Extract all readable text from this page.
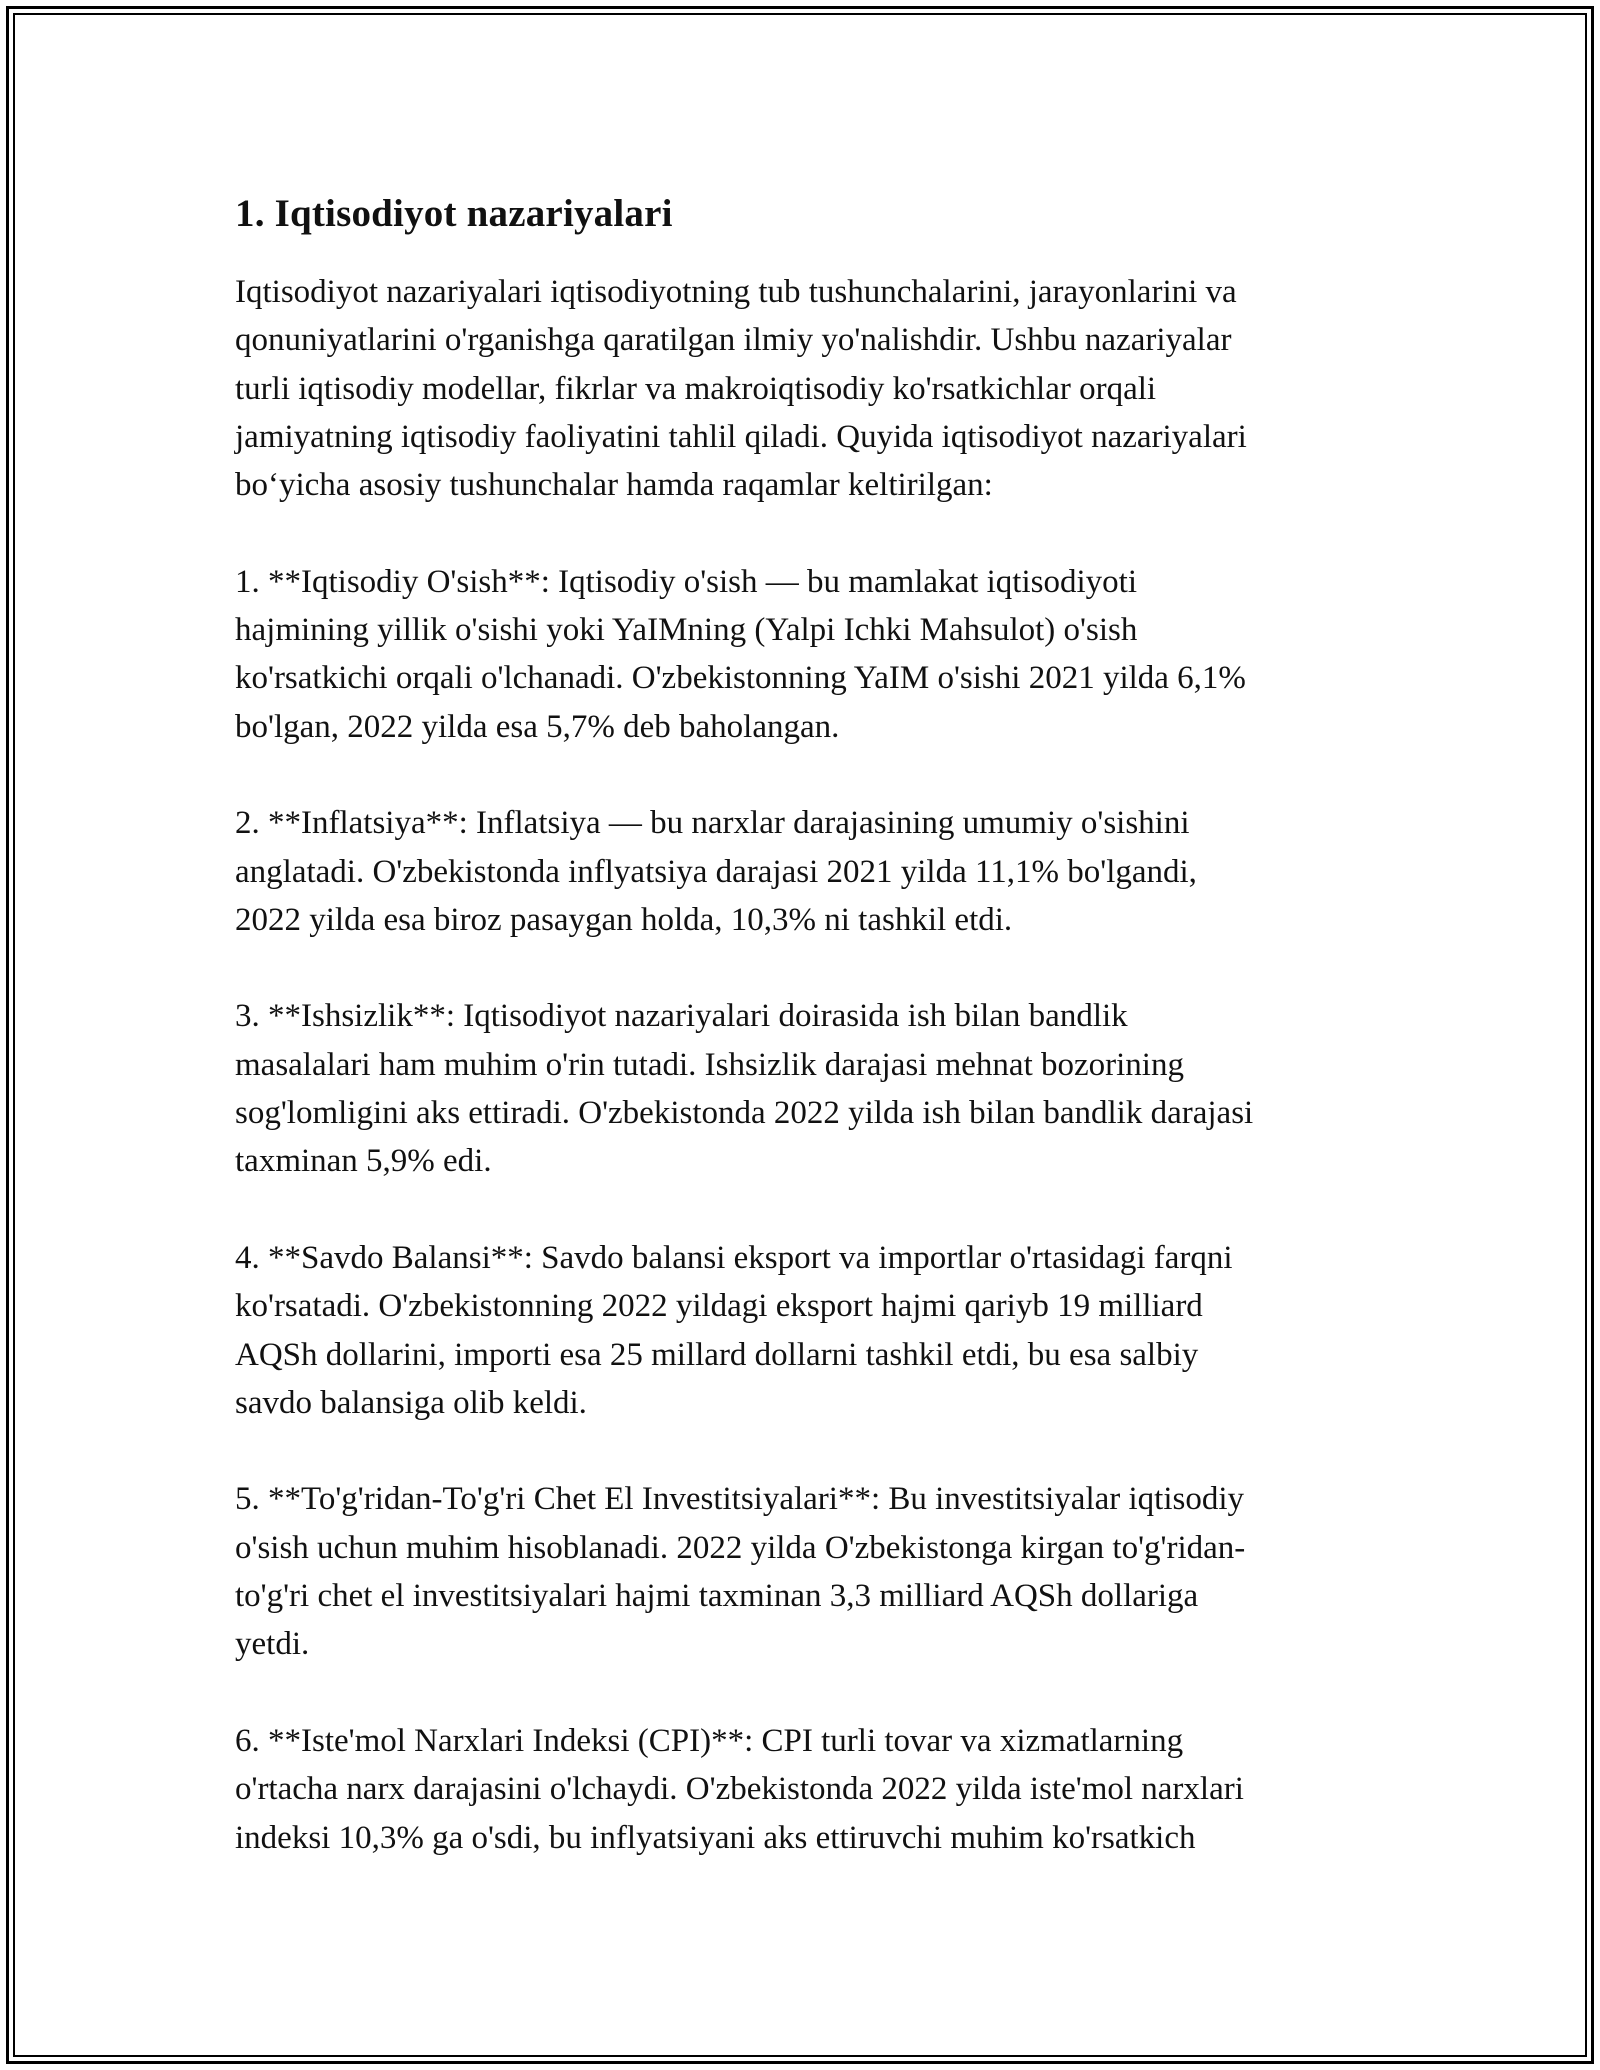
1. Iqtisodiyot nazariyalari

Iqtisodiyot nazariyalari iqtisodiyotning tub tushunchalarini, jarayonlarini va
qonuniyatlarini o'rganishga qaratilgan ilmiy yo'nalishdir. Ushbu nazariyalar
turli iqtisodiy modellar, fikrlar va makroiqtisodiy ko'rsatkichlar orqali
jamiyatning iqtisodiy faoliyatini tahlil qiladi. Quyida iqtisodiyot nazariyalari
bo‘yicha asosiy tushunchalar hamda raqamlar keltirilgan:

1. **Iqtisodiy O'sish**: Iqtisodiy o'sish — bu mamlakat iqtisodiyoti
hajmining yillik o'sishi yoki YaIMning (Yalpi Ichki Mahsulot) o'sish
ko'rsatkichi orqali o'lchanadi. O'zbekistonning YaIM o'sishi 2021 yilda 6,1%
bo'lgan, 2022 yilda esa 5,7% deb baholangan.

2. **Inflatsiya**: Inflatsiya — bu narxlar darajasining umumiy o'sishini
anglatadi. O'zbekistonda inflyatsiya darajasi 2021 yilda 11,1% bo'lgandi,
2022 yilda esa biroz pasaygan holda, 10,3% ni tashkil etdi.

3. **Ishsizlik**: Iqtisodiyot nazariyalari doirasida ish bilan bandlik
masalalari ham muhim o'rin tutadi. Ishsizlik darajasi mehnat bozorining
sog'lomligini aks ettiradi. O'zbekistonda 2022 yilda ish bilan bandlik darajasi
taxminan 5,9% edi.

4. **Savdo Balansi**: Savdo balansi eksport va importlar o'rtasidagi farqni
ko'rsatadi. O'zbekistonning 2022 yildagi eksport hajmi qariyb 19 milliard
AQSh dollarini, importi esa 25 millard dollarni tashkil etdi, bu esa salbiy
savdo balansiga olib keldi.

5. **To'g'ridan-To'g'ri Chet El Investitsiyalari**: Bu investitsiyalar iqtisodiy
o'sish uchun muhim hisoblanadi. 2022 yilda O'zbekistonga kirgan to'g'ridan-
to'g'ri chet el investitsiyalari hajmi taxminan 3,3 milliard AQSh dollariga
yetdi.

6. **Iste'mol Narxlari Indeksi (CPI)**: CPI turli tovar va xizmatlarning
o'rtacha narx darajasini o'lchaydi. O'zbekistonda 2022 yilda iste'mol narxlari
indeksi 10,3% ga o'sdi, bu inflyatsiyani aks ettiruvchi muhim ko'rsatkich
